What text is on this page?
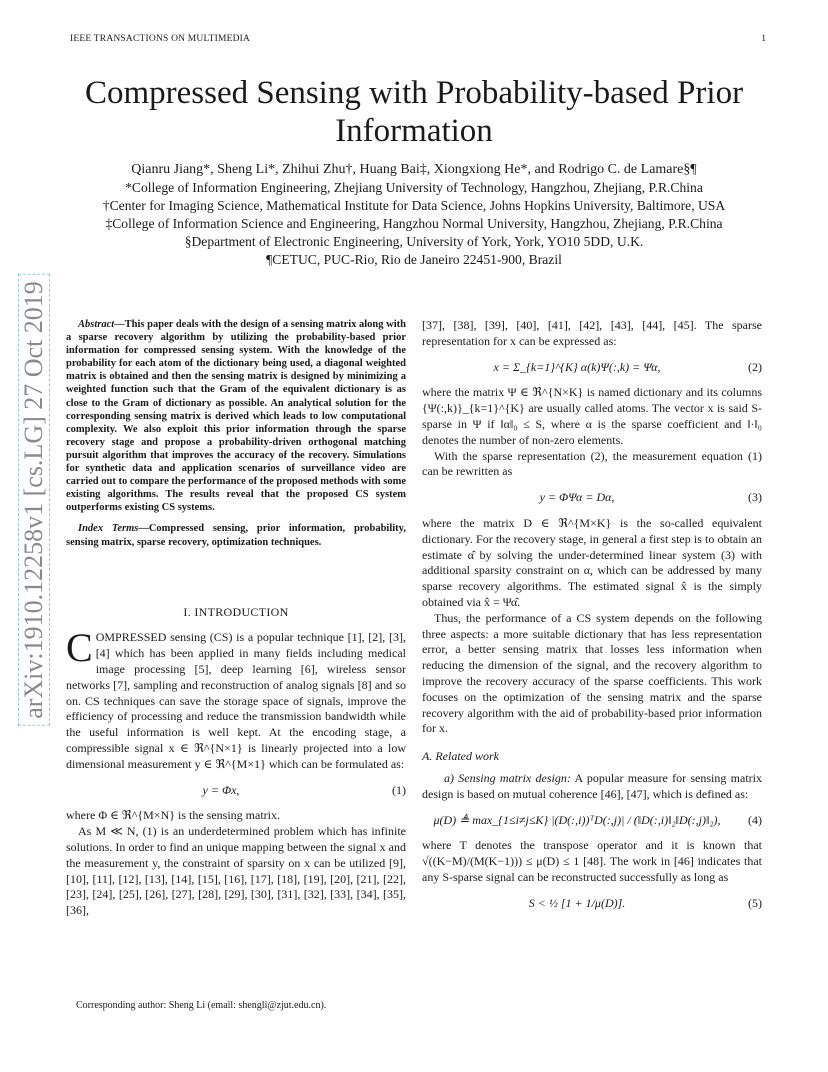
IEEE TRANSACTIONS ON MULTIMEDIA	1
arXiv:1910.12258v1 [cs.LG] 27 Oct 2019
Compressed Sensing with Probability-based Prior Information
Qianru Jiang*, Sheng Li*, Zhihui Zhu†, Huang Bai‡, Xiongxiong He*, and Rodrigo C. de Lamare§¶
*College of Information Engineering, Zhejiang University of Technology, Hangzhou, Zhejiang, P.R.China
†Center for Imaging Science, Mathematical Institute for Data Science, Johns Hopkins University, Baltimore, USA
‡College of Information Science and Engineering, Hangzhou Normal University, Hangzhou, Zhejiang, P.R.China
§Department of Electronic Engineering, University of York, York, YO10 5DD, U.K.
¶CETUC, PUC-Rio, Rio de Janeiro 22451-900, Brazil

Abstract—This paper deals with the design of a sensing matrix along with a sparse recovery algorithm by utilizing the probability-based prior information for compressed sensing system. With the knowledge of the probability for each atom of the dictionary being used, a diagonal weighted matrix is obtained and then the sensing matrix is designed by minimizing a weighted function such that the Gram of the equivalent dictionary is as close to the Gram of dictionary as possible. An analytical solution for the corresponding sensing matrix is derived which leads to low computational complexity. We also exploit this prior information through the sparse recovery stage and propose a probability-driven orthogonal matching pursuit algorithm that improves the accuracy of the recovery. Simulations for synthetic data and application scenarios of surveillance video are carried out to compare the performance of the proposed methods with some existing algorithms. The results reveal that the proposed CS system outperforms existing CS systems.

Index Terms—Compressed sensing, prior information, probability, sensing matrix, sparse recovery, optimization techniques.

I. INTRODUCTION

COMPRESSED sensing (CS) is a popular technique [1], [2], [3], [4] which has been applied in many fields including medical image processing [5], deep learning [6], wireless sensor networks [7], sampling and reconstruction of analog signals [8] and so on. CS techniques can save the storage space of signals, improve the efficiency of processing and reduce the transmission bandwidth while the useful information is well kept. At the encoding stage, a compressible signal x ∈ ℜ^{N×1} is linearly projected into a low dimensional measurement y ∈ ℜ^{M×1} which can be formulated as:

y = Φx,	(1)

where Φ ∈ ℜ^{M×N} is the sensing matrix.

As M ≪ N, (1) is an underdetermined problem which has infinite solutions. In order to find an unique mapping between the signal x and the measurement y, the constraint of sparsity on x can be utilized [9], [10], [11], [12], [13], [14], [15], [16], [17], [18], [19], [20], [21], [22], [23], [24], [25], [26], [27], [28], [29], [30], [31], [32], [33], [34], [35], [36],

[37], [38], [39], [40], [41], [42], [43], [44], [45]. The sparse representation for x can be expressed as:

x = Σ_{k=1}^{K} α(k)Ψ(:,k) = Ψα,	(2)

where the matrix Ψ ∈ ℜ^{N×K} is named dictionary and its columns {Ψ(:,k)}_{k=1}^{K} are usually called atoms. The vector x is said S-sparse in Ψ if ‖α‖₀ ≤ S, where α is the sparse coefficient and ‖·‖₀ denotes the number of non-zero elements.

With the sparse representation (2), the measurement equation (1) can be rewritten as

y = ΦΨα = Dα,	(3)

where the matrix D ∈ ℜ^{M×K} is the so-called equivalent dictionary. For the recovery stage, in general a first step is to obtain an estimate α̂ by solving the under-determined linear system (3) with additional sparsity constraint on α, which can be addressed by many sparse recovery algorithms. The estimated signal x̂ is the simply obtained via x̂ = Ψα̂.

Thus, the performance of a CS system depends on the following three aspects: a more suitable dictionary that has less representation error, a better sensing matrix that losses less information when reducing the dimension of the signal, and the recovery algorithm to improve the recovery accuracy of the sparse coefficients. This work focuses on the optimization of the sensing matrix and the sparse recovery algorithm with the aid of probability-based prior information for x.

A. Related work

a) Sensing matrix design: A popular measure for sensing matrix design is based on mutual coherence [46], [47], which is defined as:

μ(D) ≜ max_{1≤i≠j≤K} |(D(:,i))ᵀD(:,j)| / (‖D(:,i)‖₂‖D(:,j)‖₂),	(4)

where T denotes the transpose operator and it is known that √((K−M)/(M(K−1))) ≤ μ(D) ≤ 1 [48]. The work in [46] indicates that any S-sparse signal can be reconstructed successfully as long as

S < ½ [1 + 1/μ(D)].	(5)
Corresponding author: Sheng Li (email: shengli@zjut.edu.cn).
